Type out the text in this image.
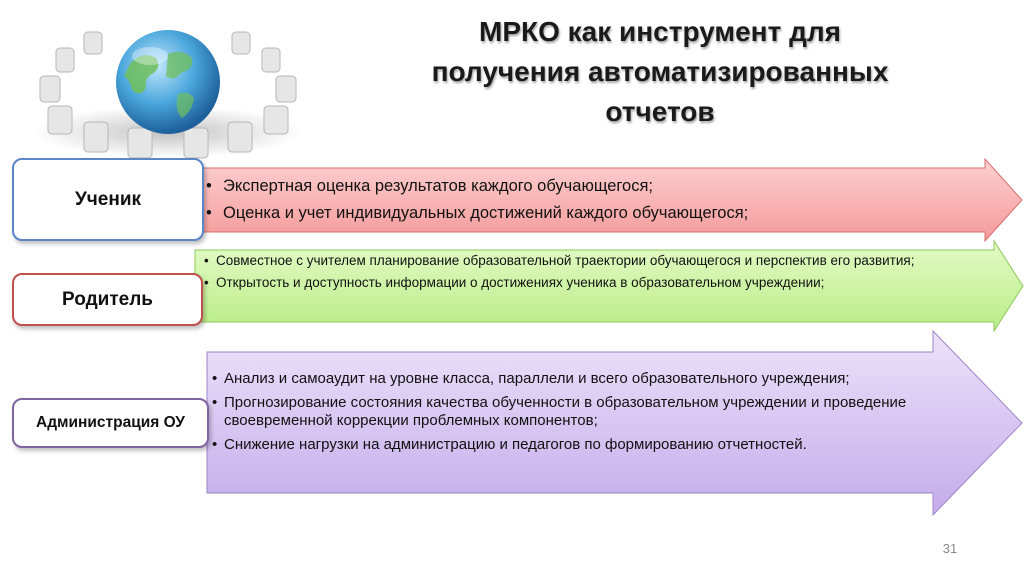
МРКО как инструмент для
получения автоматизированных
отчетов
• Экспертная оценка результатов каждого обучающегося;
• Оценка и учет индивидуальных достижений каждого обучающегося;
• Совместное с учителем планирование образовательной траектории обучающегося и перспектив его развития;
• Открытость и доступность информации о достижениях ученика в образовательном учреждении;
• Анализ и самоаудит на уровне класса, параллели и всего образовательного учреждения;
• Прогнозирование состояния качества обученности в образовательном учреждении и проведение своевременной коррекции проблемных компонентов;
• Снижение нагрузки на администрацию и педагогов по формированию отчетностей.
Ученик
Родитель
Администрация ОУ
31
